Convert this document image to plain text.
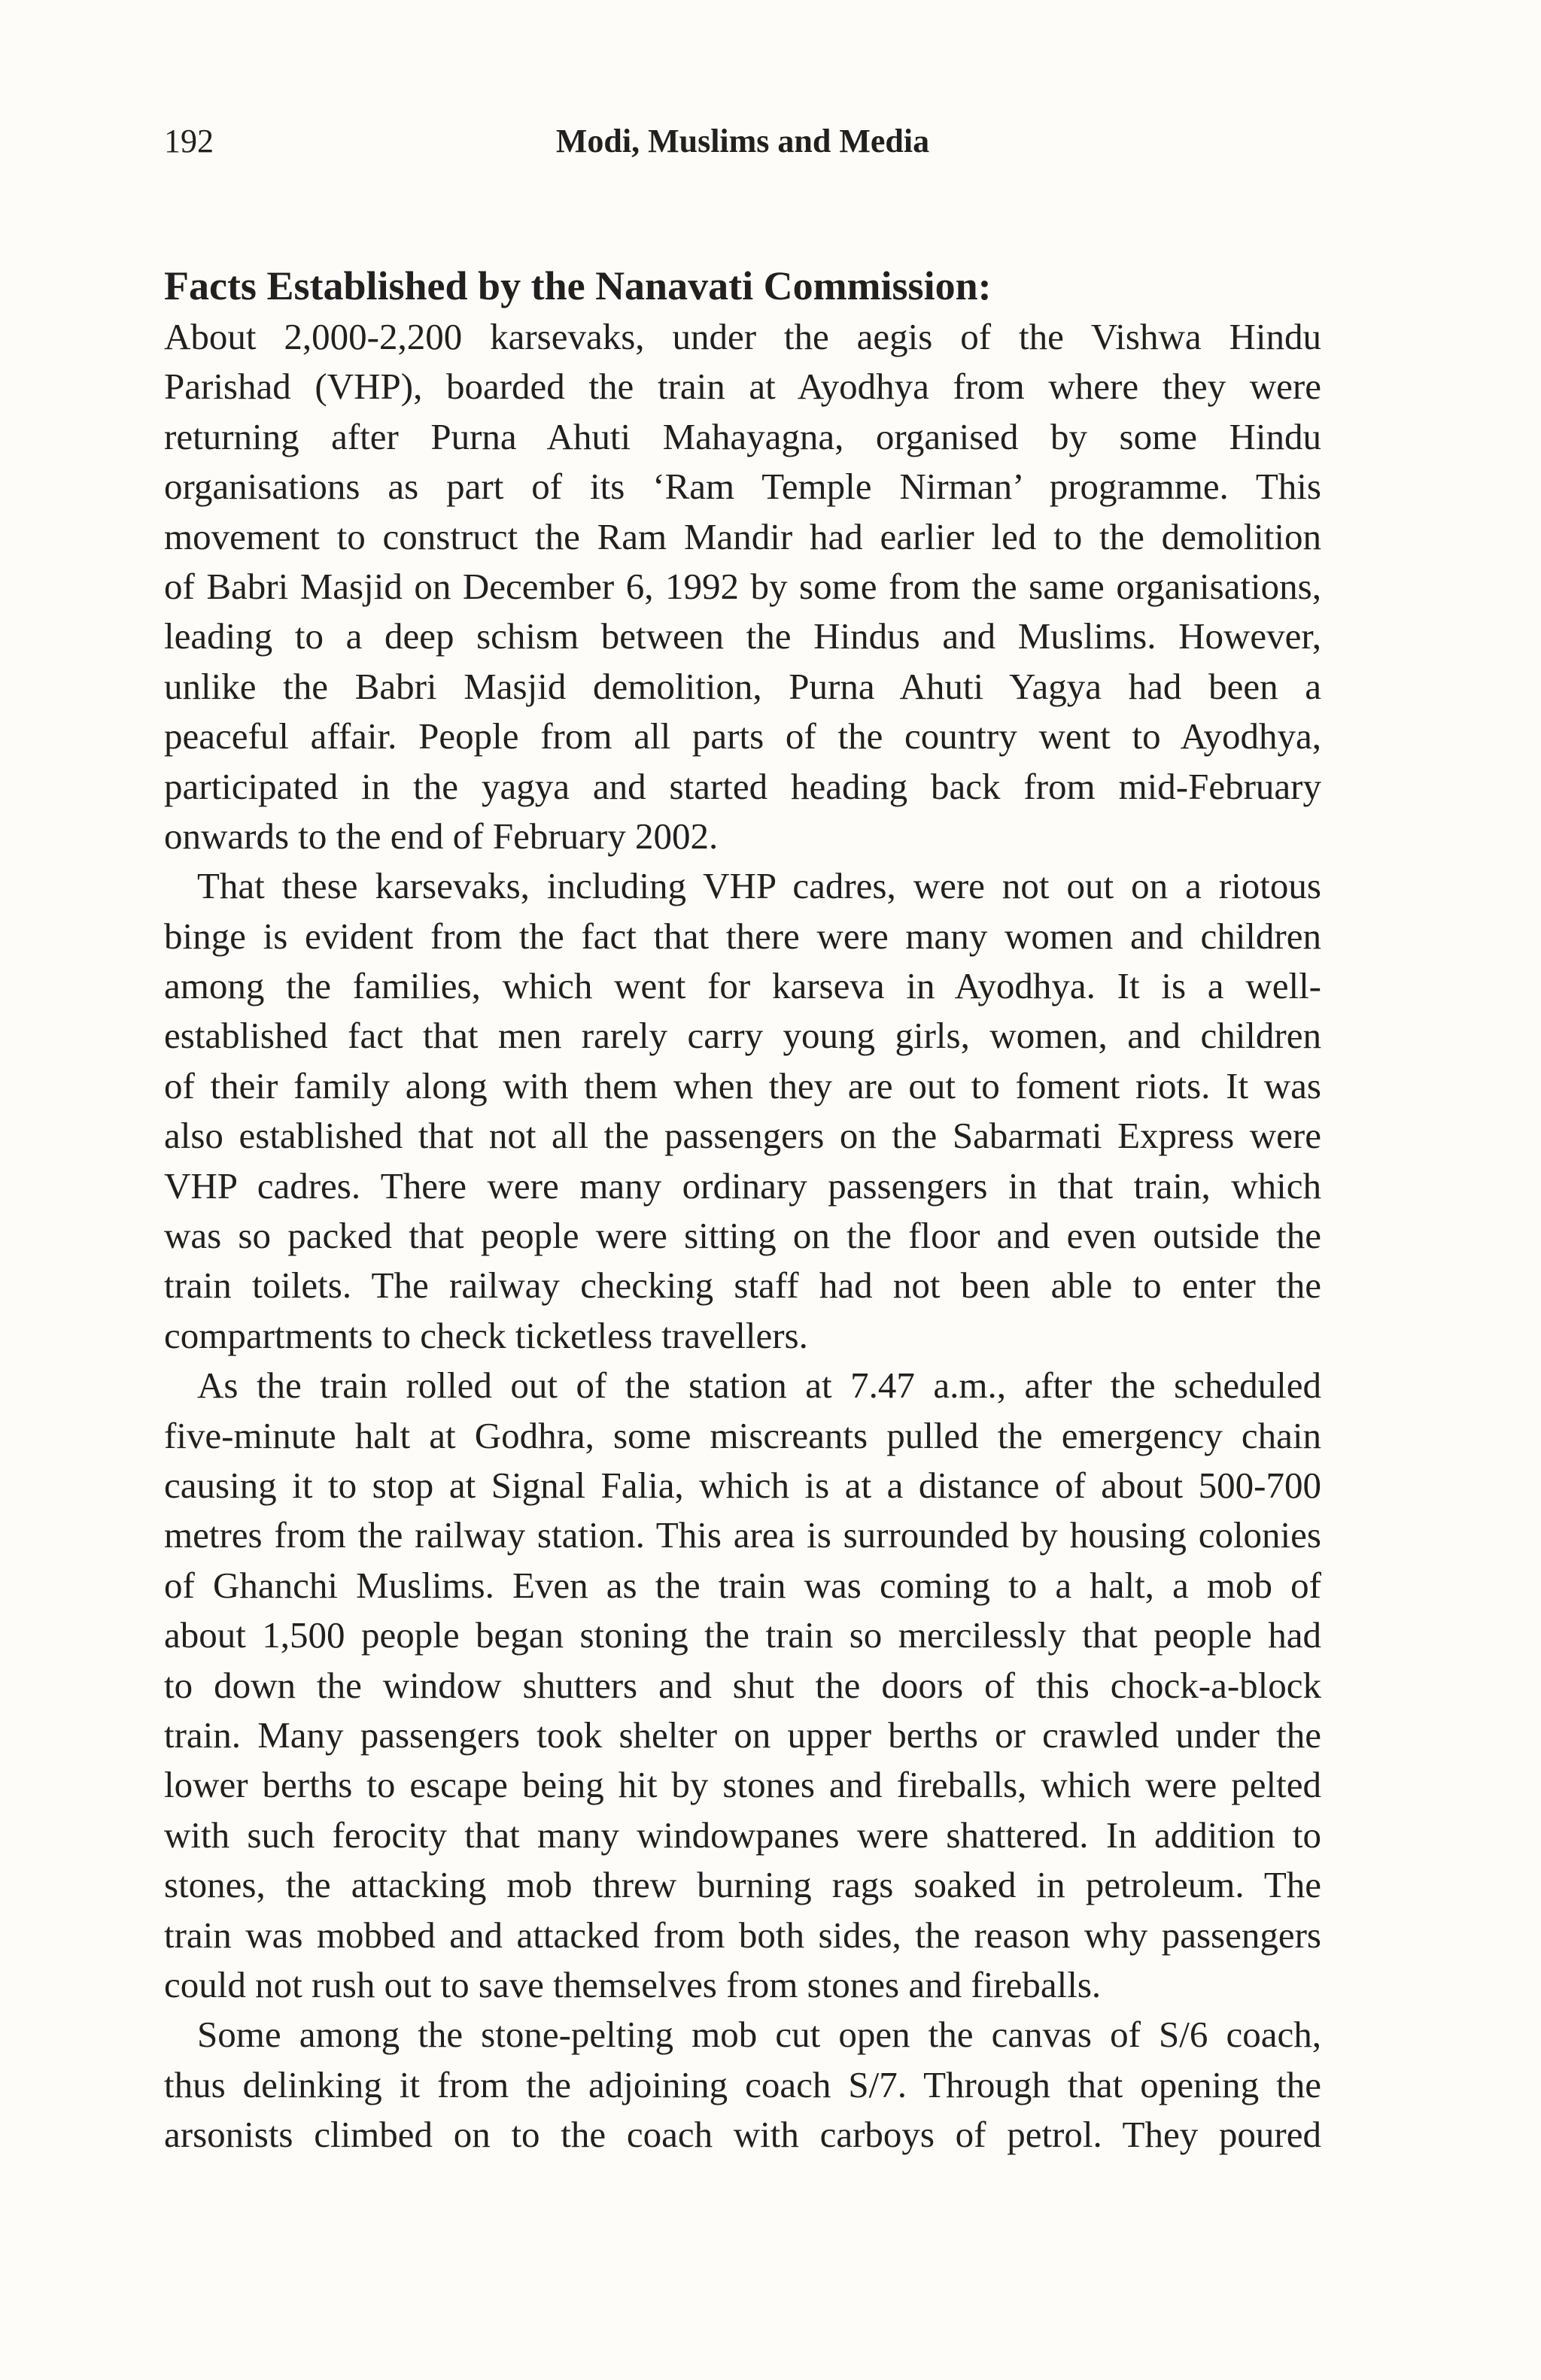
192	Modi, Muslims and Media
Facts Established by the Nanavati Commission:

About 2,000-2,200 karsevaks, under the aegis of the Vishwa Hindu
Parishad (VHP), boarded the train at Ayodhya from where they were
returning after Purna Ahuti Mahayagna, organised by some Hindu
organisations as part of its ‘Ram Temple Nirman’ programme. This
movement to construct the Ram Mandir had earlier led to the demolition
of Babri Masjid on December 6, 1992 by some from the same organisations,
leading to a deep schism between the Hindus and Muslims. However,
unlike the Babri Masjid demolition, Purna Ahuti Yagya had been a
peaceful affair. People from all parts of the country went to Ayodhya,
participated in the yagya and started heading back from mid-February
onwards to the end of February 2002.

That these karsevaks, including VHP cadres, were not out on a riotous
binge is evident from the fact that there were many women and children
among the families, which went for karseva in Ayodhya. It is a well-
established fact that men rarely carry young girls, women, and children
of their family along with them when they are out to foment riots. It was
also established that not all the passengers on the Sabarmati Express were
VHP cadres. There were many ordinary passengers in that train, which
was so packed that people were sitting on the floor and even outside the
train toilets. The railway checking staff had not been able to enter the
compartments to check ticketless travellers.

As the train rolled out of the station at 7.47 a.m., after the scheduled
five-minute halt at Godhra, some miscreants pulled the emergency chain
causing it to stop at Signal Falia, which is at a distance of about 500-700
metres from the railway station. This area is surrounded by housing colonies
of Ghanchi Muslims. Even as the train was coming to a halt, a mob of
about 1,500 people began stoning the train so mercilessly that people had
to down the window shutters and shut the doors of this chock-a-block
train. Many passengers took shelter on upper berths or crawled under the
lower berths to escape being hit by stones and fireballs, which were pelted
with such ferocity that many windowpanes were shattered. In addition to
stones, the attacking mob threw burning rags soaked in petroleum. The
train was mobbed and attacked from both sides, the reason why passengers
could not rush out to save themselves from stones and fireballs.

Some among the stone-pelting mob cut open the canvas of S/6 coach,
thus delinking it from the adjoining coach S/7. Through that opening the
arsonists climbed on to the coach with carboys of petrol. They poured
